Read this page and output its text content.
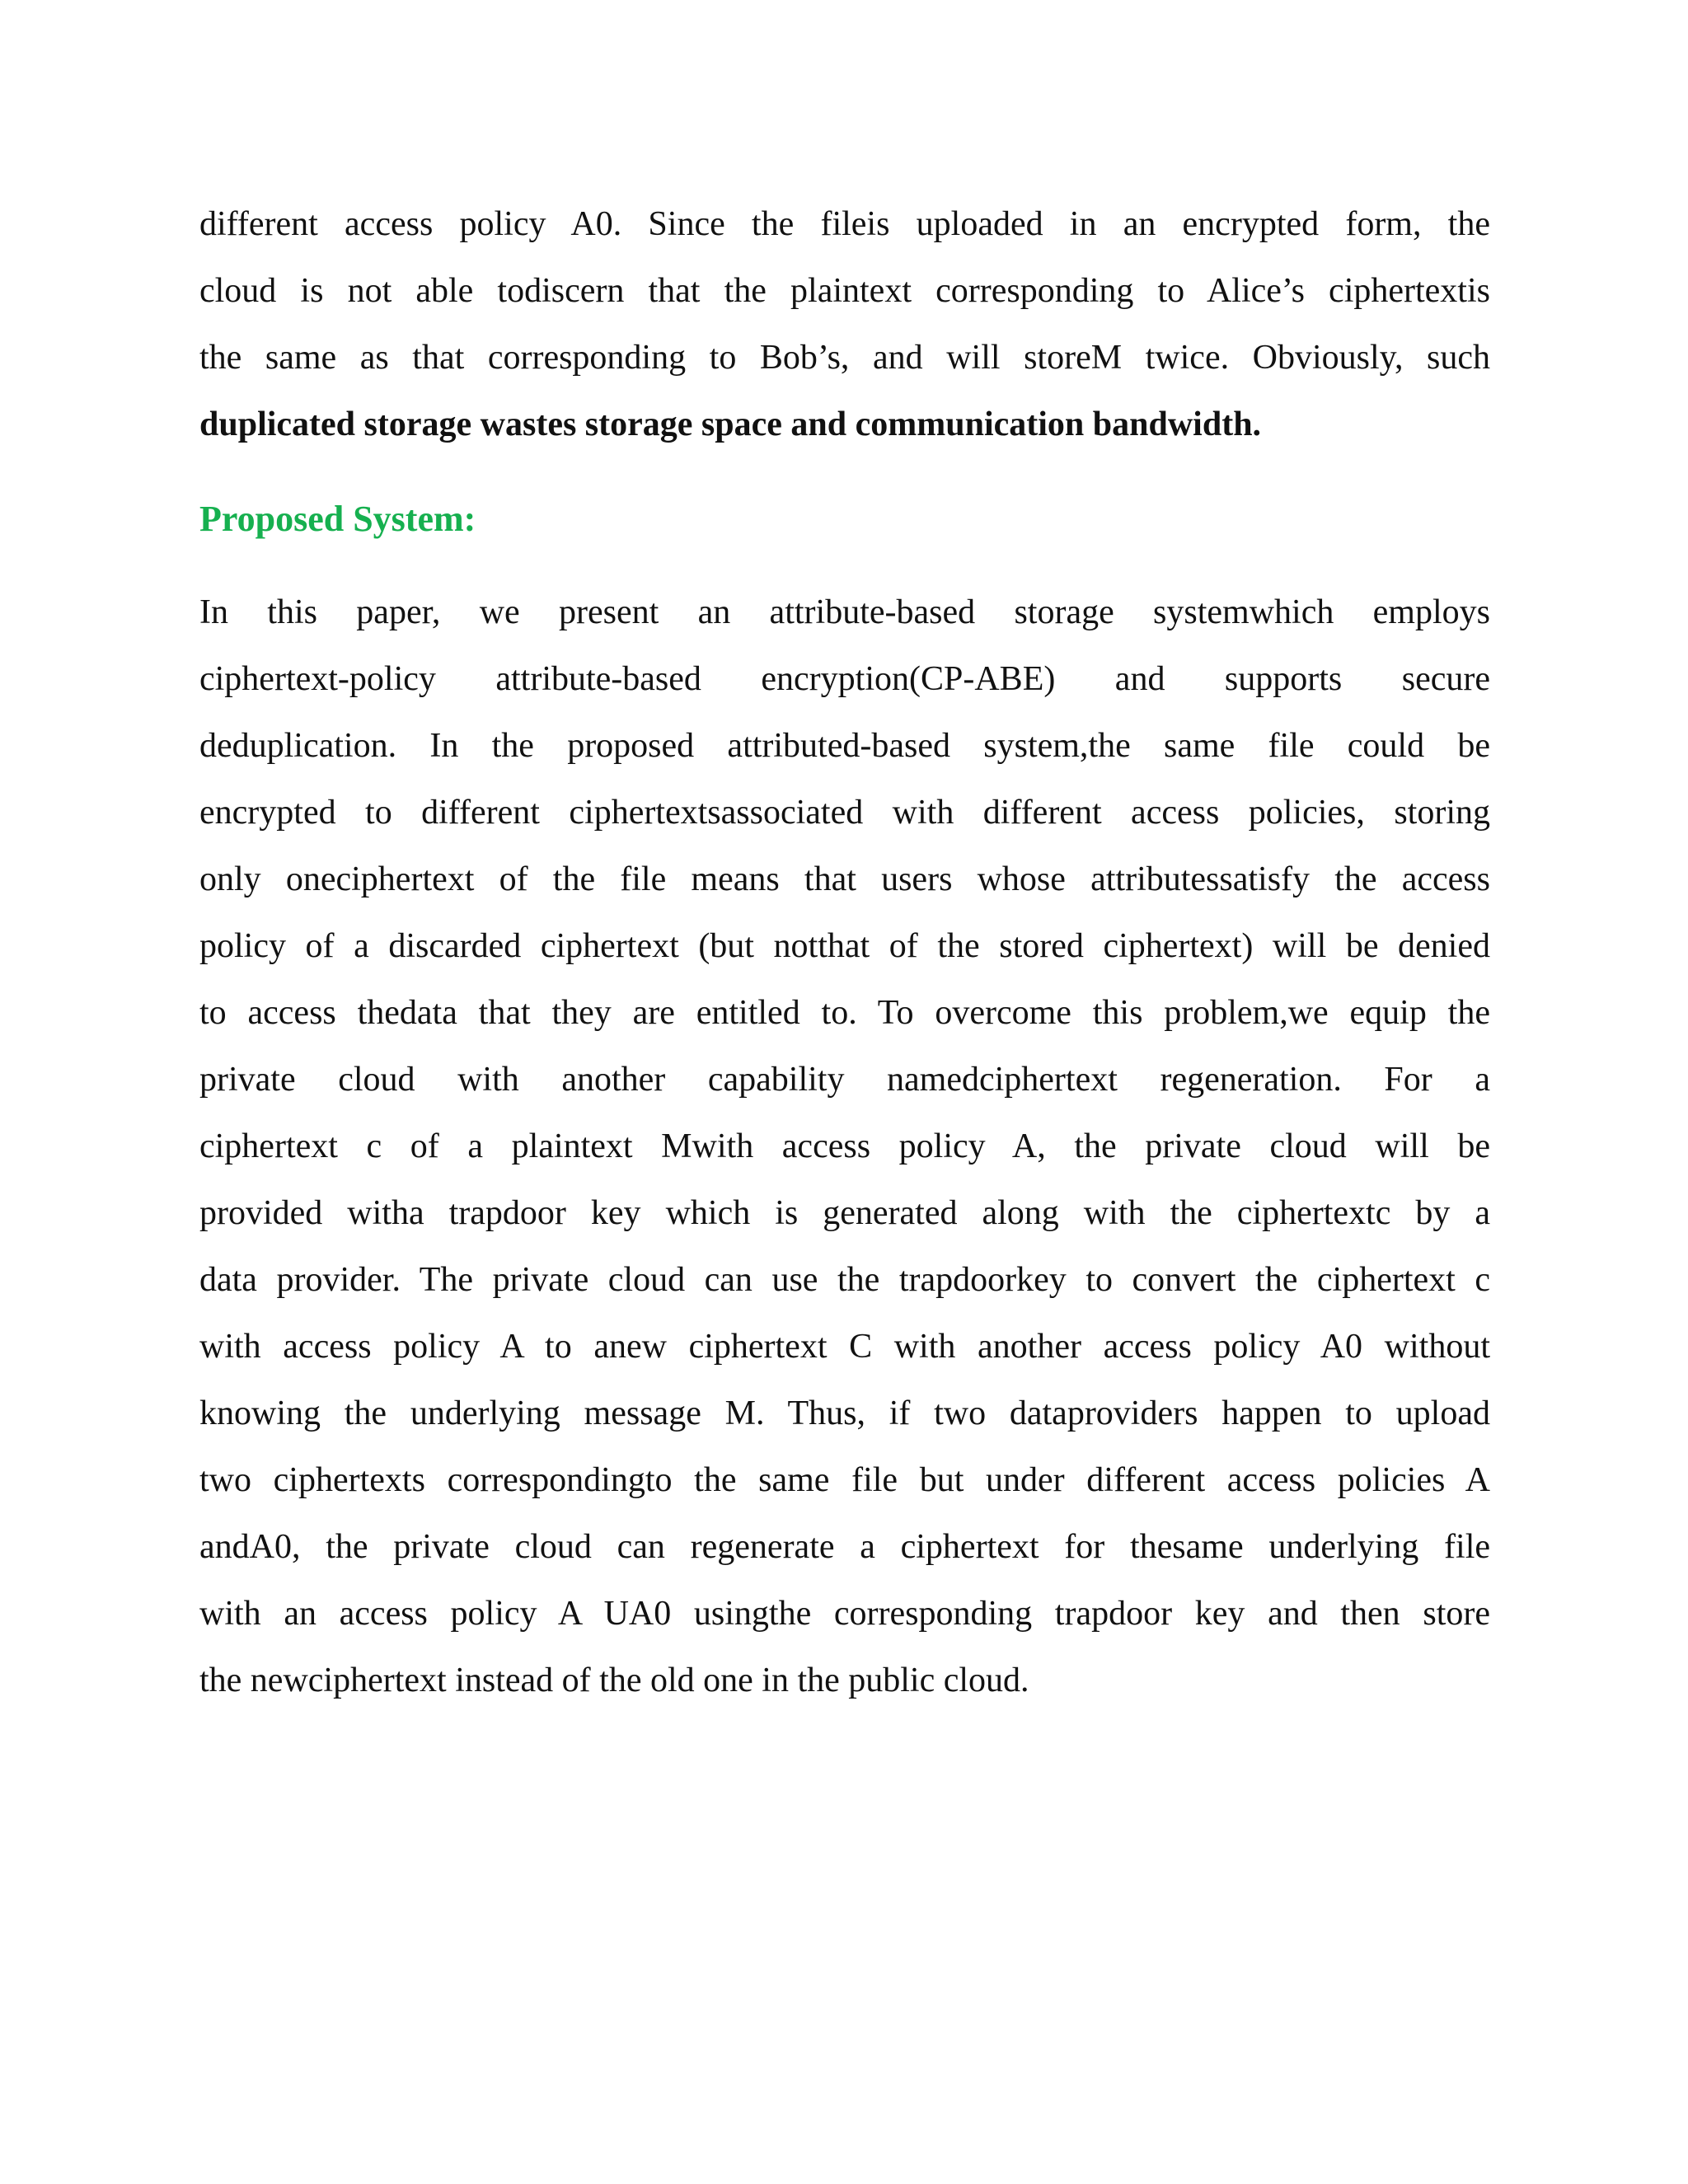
different access policy A0. Since the fileis uploaded in an encrypted form, the
cloud is not able todiscern that the plaintext corresponding to Alice’s ciphertextis
the same as that corresponding to Bob’s, and will storeM twice. Obviously, such
duplicated storage wastes storage space and communication bandwidth.
Proposed System:
In this paper, we present an attribute-based storage systemwhich employs
ciphertext-policy attribute-based encryption(CP-ABE) and supports secure
deduplication. In the proposed attributed-based system,the same file could be
encrypted to different ciphertextsassociated with different access policies, storing
only oneciphertext of the file means that users whose attributessatisfy the access
policy of a discarded ciphertext (but notthat of the stored ciphertext) will be denied
to access thedata that they are entitled to. To overcome this problem,we equip the
private cloud with another capability namedciphertext regeneration. For a
ciphertext c of a plaintext Mwith access policy A, the private cloud will be
provided witha trapdoor key which is generated along with the ciphertextc by a
data provider. The private cloud can use the trapdoorkey to convert the ciphertext c
with access policy A to anew ciphertext C with another access policy A0 without
knowing the underlying message M. Thus, if two dataproviders happen to upload
two ciphertexts correspondingto the same file but under different access policies A
andA0, the private cloud can regenerate a ciphertext for thesame underlying file
with an access policy A UA0 usingthe corresponding trapdoor key and then store
the newciphertext instead of the old one in the public cloud.
